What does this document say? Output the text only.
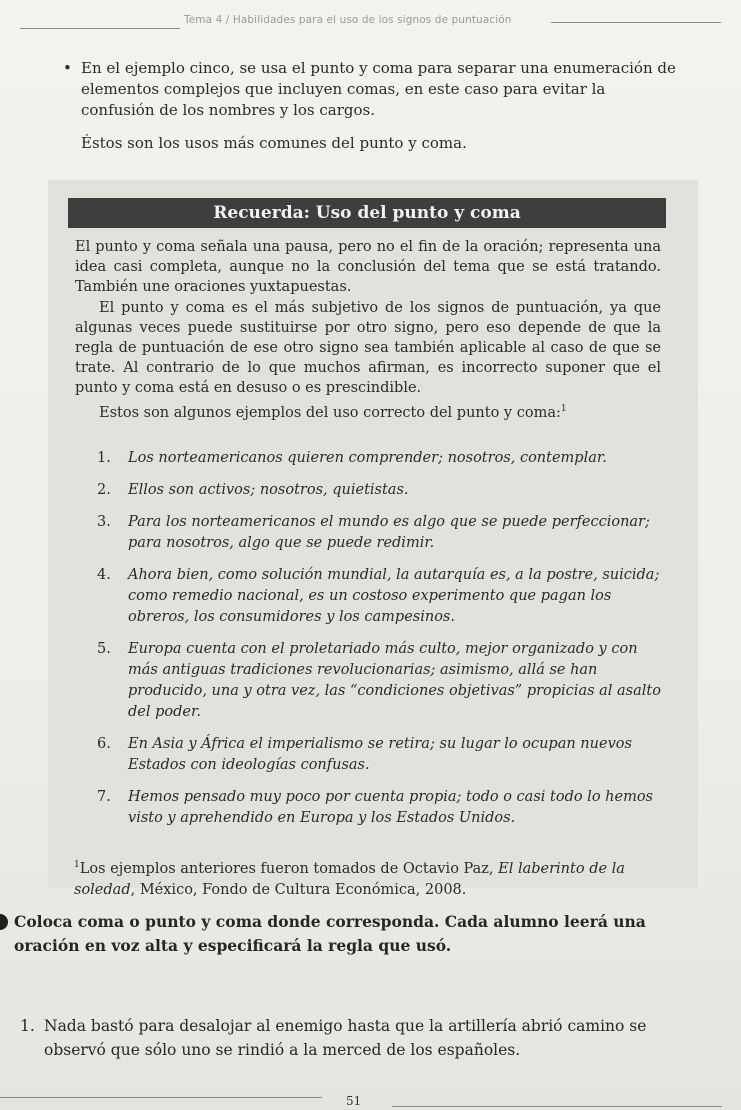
Tema 4 / Habilidades para el uso de los signos de puntuación
• En el ejemplo cinco, se usa el punto y coma para separar una enumeración de elementos complejos que incluyen comas, en este caso para evitar la confusión de los nombres y los cargos.

Éstos son los usos más comunes del punto y coma.

Recuerda: Uso del punto y coma

El punto y coma señala una pausa, pero no el fin de la oración; representa una idea casi completa, aunque no la conclusión del tema que se está tratando. También une oraciones yuxtapuestas.

El punto y coma es el más subjetivo de los signos de puntuación, ya que algunas veces puede sustituirse por otro signo, pero eso depende de que la regla de puntuación de ese otro signo sea también aplicable al caso de que se trate. Al contrario de lo que muchos afirman, es incorrecto suponer que el punto y coma está en desuso o es prescindible.

Estos son algunos ejemplos del uso correcto del punto y coma:$^1$

1. Los norteamericanos quieren comprender; nosotros, contemplar.
2. Ellos son activos; nosotros, quietistas.
3. Para los norteamericanos el mundo es algo que se puede perfeccionar; para nosotros, algo que se puede redimir.
4. Ahora bien, como solución mundial, la autarquía es, a la postre, suicida; como remedio nacional, es un costoso experimento que pagan los obreros, los consumidores y los campesinos.
5. Europa cuenta con el proletariado más culto, mejor organizado y con más antiguas tradiciones revolucionarias; asimismo, allá se han producido, una y otra vez, las “condiciones objetivas” propicias al asalto del poder.
6. En Asia y África el imperialismo se retira; su lugar lo ocupan nuevos Estados con ideologías confusas.
7. Hemos pensado muy poco por cuenta propia; todo o casi todo lo hemos visto y aprehendido en Europa y los Estados Unidos.
$^1$Los ejemplos anteriores fueron tomados de Octavio Paz, El laberinto de la soledad, México, Fondo de Cultura Económica, 2008.
Coloca coma o punto y coma donde corresponda. Cada alumno leerá una oración en voz alta y especificará la regla que usó.
1. Nada bastó para desalojar al enemigo hasta que la artillería abrió camino se observó que sólo uno se rindió a la merced de los españoles.
51
